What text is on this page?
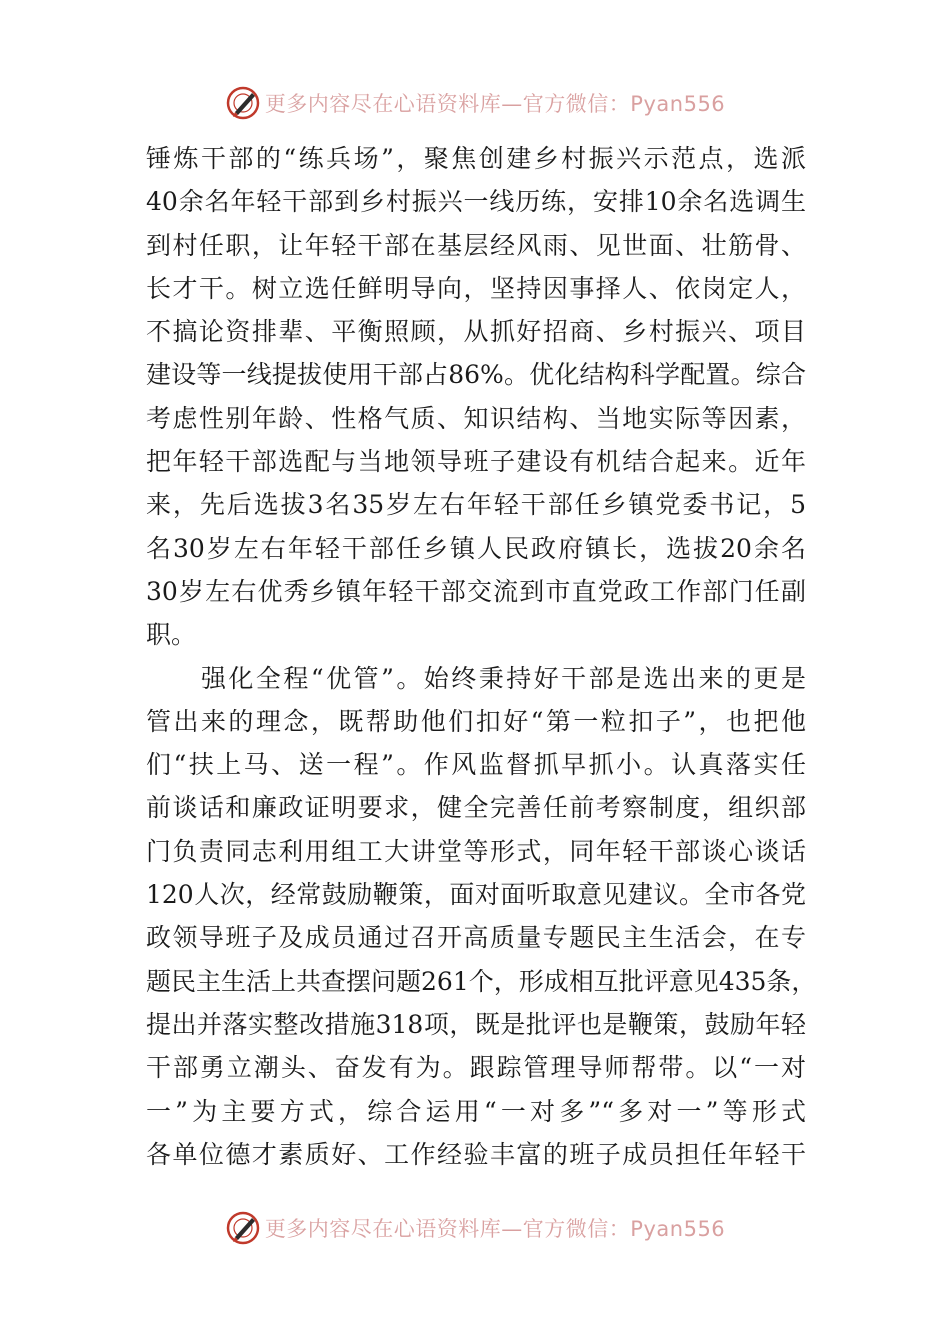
更多内容尽在心语资料库—官方微信：Pyan556
锤炼干部的“练兵场”，聚焦创建乡村振兴示范点，选派
40余名年轻干部到乡村振兴一线历练，安排10余名选调生
到村任职，让年轻干部在基层经风雨、见世面、壮筋骨、
长才干。树立选任鲜明导向，坚持因事择人、依岗定人，
不搞论资排辈、平衡照顾，从抓好招商、乡村振兴、项目
建设等一线提拔使用干部占86%。优化结构科学配置。综合
考虑性别年龄、性格气质、知识结构、当地实际等因素，
把年轻干部选配与当地领导班子建设有机结合起来。近年
来，先后选拔3名35岁左右年轻干部任乡镇党委书记，5
名30岁左右年轻干部任乡镇人民政府镇长，选拔20余名
30岁左右优秀乡镇年轻干部交流到市直党政工作部门任副
职。
　　强化全程“优管”。始终秉持好干部是选出来的更是
管出来的理念，既帮助他们扣好“第一粒扣子”，也把他
们“扶上马、送一程”。作风监督抓早抓小。认真落实任
前谈话和廉政证明要求，健全完善任前考察制度，组织部
门负责同志利用组工大讲堂等形式，同年轻干部谈心谈话
120人次，经常鼓励鞭策，面对面听取意见建议。全市各党
政领导班子及成员通过召开高质量专题民主生活会，在专
题民主生活上共查摆问题261个，形成相互批评意见435条，
提出并落实整改措施318项，既是批评也是鞭策，鼓励年轻
干部勇立潮头、奋发有为。跟踪管理导师帮带。以“一对
一”为主要方式，综合运用“一对多”“多对一”等形式
各单位德才素质好、工作经验丰富的班子成员担任年轻干
更多内容尽在心语资料库—官方微信：Pyan556
